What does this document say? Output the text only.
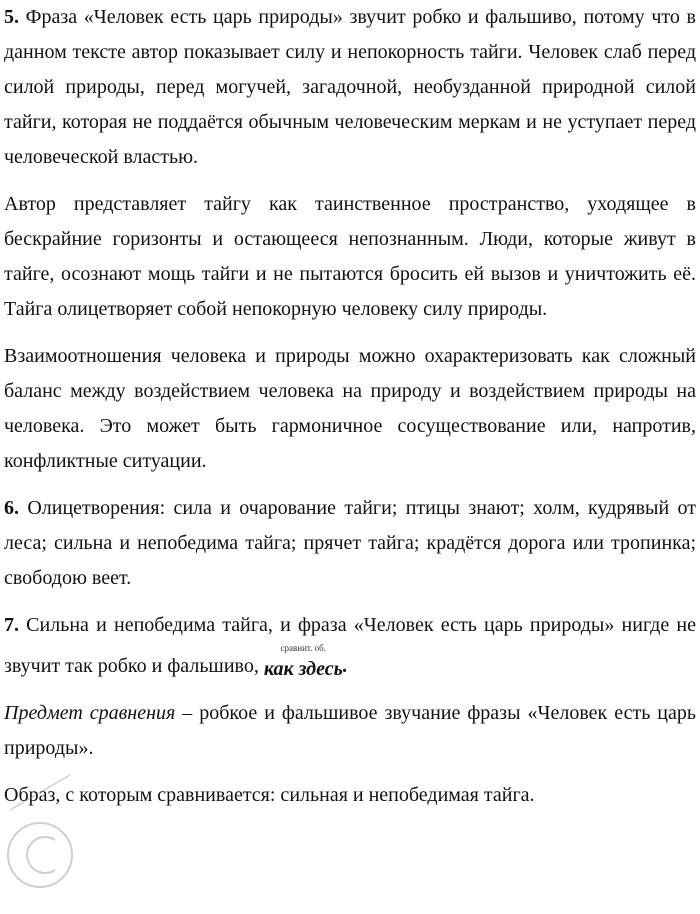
5. Фраза «Человек есть царь природы» звучит робко и фальшиво, потому что в данном тексте автор показывает силу и непокорность тайги. Человек слаб перед силой природы, перед могучей, загадочной, необузданной природной силой тайги, которая не поддаётся обычным человеческим меркам и не уступает перед человеческой властью.

Автор представляет тайгу как таинственное пространство, уходящее в бескрайние горизонты и остающееся непознанным. Люди, которые живут в тайге, осознают мощь тайги и не пытаются бросить ей вызов и уничтожить её. Тайга олицетворяет собой непокорную человеку силу природы.

Взаимоотношения человека и природы можно охарактеризовать как сложный баланс между воздействием человека на природу и воздействием природы на человека. Это может быть гармоничное сосуществование или, напротив, конфликтные ситуации.

6. Олицетворения: сила и очарование тайги; птицы знают; холм, кудрявый от леса; сильна и непобедима тайга; прячет тайга; крадётся дорога или тропинка; свободою веет.

7. Сильна и непобедима тайга, и фраза «Человек есть царь природы» нигде не звучит так робко и фальшиво,
сравнит. об.
как здесь .

Предмет сравнения – робкое и фальшивое звучание фразы «Человек есть царь природы».

Образ, с которым сравнивается: сильная и непобедимая тайга.
